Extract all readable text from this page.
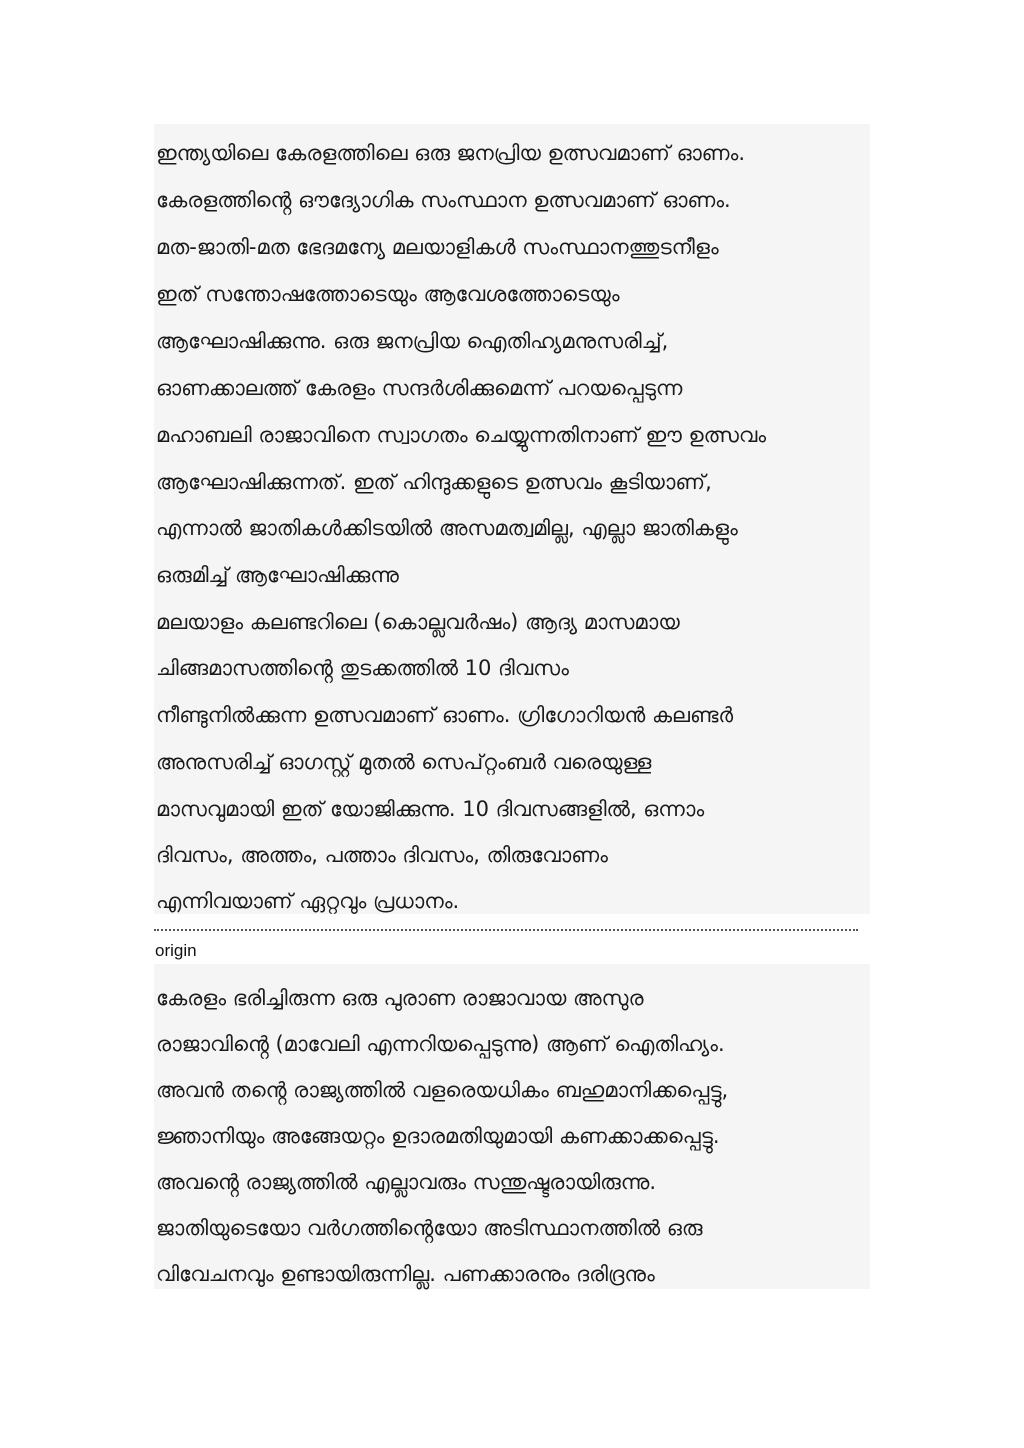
ഇന്ത്യയിലെ കേരളത്തിലെ ഒരു ജനപ്രിയ ഉത്സവമാണ് ഓണം.
കേരളത്തിൻ്റെ ഔദ്യോഗിക സംസ്ഥാന ഉത്സവമാണ് ഓണം.
മത-ജാതി-മത ഭേദമന്യേ മലയാളികൾ സംസ്ഥാനത്തുടനീളം
ഇത് സന്തോഷത്തോടെയും ആവേശത്തോടെയും
ആഘോഷിക്കുന്നു. ഒരു ജനപ്രിയ ഐതിഹ്യമനുസരിച്ച്,
ഓണക്കാലത്ത് കേരളം സന്ദർശിക്കുമെന്ന് പറയപ്പെടുന്ന
മഹാബലി രാജാവിനെ സ്വാഗതം ചെയ്യുന്നതിനാണ് ഈ ഉത്സവം
ആഘോഷിക്കുന്നത്. ഇത് ഹിന്ദുക്കളുടെ ഉത്സവം കൂടിയാണ്,
എന്നാൽ ജാതികൾക്കിടയിൽ അസമത്വമില്ല, എല്ലാ ജാതികളും
ഒരുമിച്ച് ആഘോഷിക്കുന്നു
മലയാളം കലണ്ടറിലെ (കൊല്ലവർഷം) ആദ്യ മാസമായ
ചിങ്ങമാസത്തിൻ്റെ തുടക്കത്തിൽ 10 ദിവസം
നീണ്ടുനിൽക്കുന്ന ഉത്സവമാണ് ഓണം. ഗ്രിഗോറിയൻ കലണ്ടർ
അനുസരിച്ച് ഓഗസ്റ്റ് മുതൽ സെപ്റ്റംബർ വരെയുള്ള
മാസവുമായി ഇത് യോജിക്കുന്നു. 10 ദിവസങ്ങളിൽ, ഒന്നാം
ദിവസം, അത്തം, പത്താം ദിവസം, തിരുവോണം
എന്നിവയാണ് ഏറ്റവും പ്രധാനം.
origin
കേരളം ഭരിച്ചിരുന്ന ഒരു പുരാണ രാജാവായ അസുര
രാജാവിൻ്റെ (മാവേലി എന്നറിയപ്പെടുന്നു) ആണ് ഐതിഹ്യം.
അവൻ തൻ്റെ രാജ്യത്തിൽ വളരെയധികം ബഹുമാനിക്കപ്പെട്ടു,
ജ്ഞാനിയും അങ്ങേയറ്റം ഉദാരമതിയുമായി കണക്കാക്കപ്പെട്ടു.
അവൻ്റെ രാജ്യത്തിൽ എല്ലാവരും സന്തുഷ്ടരായിരുന്നു.
ജാതിയുടെയോ വർഗത്തിൻ്റെയോ അടിസ്ഥാനത്തിൽ ഒരു
വിവേചനവും ഉണ്ടായിരുന്നില്ല. പണക്കാരനും ദരിദ്രനും
